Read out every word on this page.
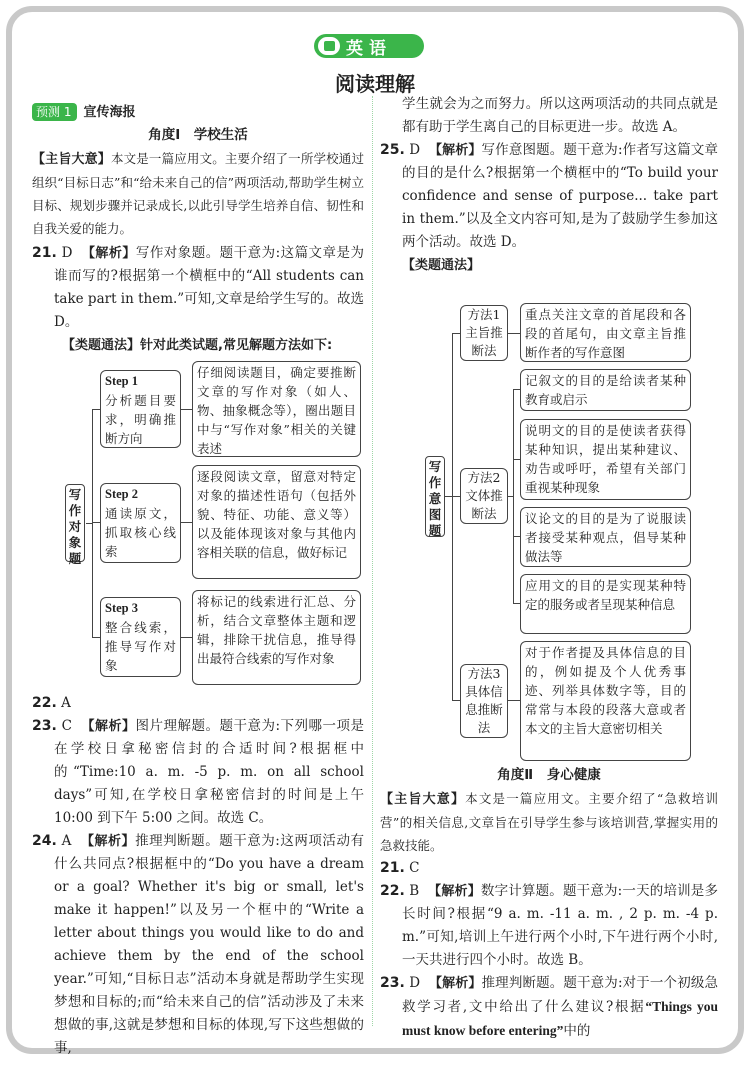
英语
阅读理解
预测 1 宣传海报
角度Ⅰ　学校生活
【主旨大意】本文是一篇应用文。主要介绍了一所学校通过组织“目标日志”和“给未来自己的信”两项活动,帮助学生树立目标、规划步骤并记录成长,以此引导学生培养自信、韧性和自我关爱的能力。
21. D 【解析】写作对象题。题干意为:这篇文章是为谁而写的?根据第一个横框中的“All students can take part in them.”可知,文章是给学生写的。故选 D。
【类题通法】针对此类试题,常见解题方法如下:
写作对象题
Step 1
分析题目要求，明确推断方向
Step 2
通读原文，抓取核心线索
Step 3
整合线索，推导写作对象
仔细阅读题目，确定要推断文章的写作对象（如人、物、抽象概念等），圈出题目中与“写作对象”相关的关键表述
逐段阅读文章，留意对特定对象的描述性语句（包括外貌、特征、功能、意义等）以及能体现该对象与其他内容相关联的信息，做好标记
将标记的线索进行汇总、分析，结合文章整体主题和逻辑，排除干扰信息，推导得出最符合线索的写作对象
22. A
23. C 【解析】图片理解题。题干意为:下列哪一项是在学校日拿秘密信封的合适时间?根据框中的“Time:10 a. m. -5 p. m. on all school days”可知,在学校日拿秘密信封的时间是上午 10:00 到下午 5:00 之间。故选 C。
24. A 【解析】推理判断题。题干意为:这两项活动有什么共同点?根据框中的“Do you have a dream or a goal? Whether it's big or small, let's make it happen!”以及另一个框中的“Write a letter about things you would like to do and achieve them by the end of the school year.”可知,“目标日志”活动本身就是帮助学生实现梦想和目标的;而“给未来自己的信”活动涉及了未来想做的事,这就是梦想和目标的体现,写下这些想做的事,
学生就会为之而努力。所以这两项活动的共同点就是都有助于学生离自己的目标更进一步。故选 A。
25. D 【解析】写作意图题。题干意为:作者写这篇文章的目的是什么?根据第一个横框中的“To build your confidence and sense of purpose... take part in them.”以及全文内容可知,是为了鼓励学生参加这两个活动。故选 D。
【类题通法】
写作意图题
方法1主旨推断法
方法2文体推断法
方法3具体信息推断法
重点关注文章的首尾段和各段的首尾句，由文章主旨推断作者的写作意图
记叙文的目的是给读者某种教育或启示
说明文的目的是使读者获得某种知识，提出某种建议、劝告或呼吁，希望有关部门重视某种现象
议论文的目的是为了说服读者接受某种观点，倡导某种做法等
应用文的目的是实现某种特定的服务或者呈现某种信息
对于作者提及具体信息的目的，例如提及个人优秀事迹、列举具体数字等，目的常常与本段的段落大意或者本文的主旨大意密切相关
角度Ⅱ　身心健康
【主旨大意】本文是一篇应用文。主要介绍了“急救培训营”的相关信息,文章旨在引导学生参与该培训营,掌握实用的急救技能。
21. C
22. B 【解析】数字计算题。题干意为:一天的培训是多长时间?根据“9 a. m. -11 a. m. , 2 p. m. -4 p. m.”可知,培训上午进行两个小时,下午进行两个小时,一天共进行四个小时。故选 B。
23. D 【解析】推理判断题。题干意为:对于一个初级急救学习者,文中给出了什么建议?根据“Things you must know before entering”中的
